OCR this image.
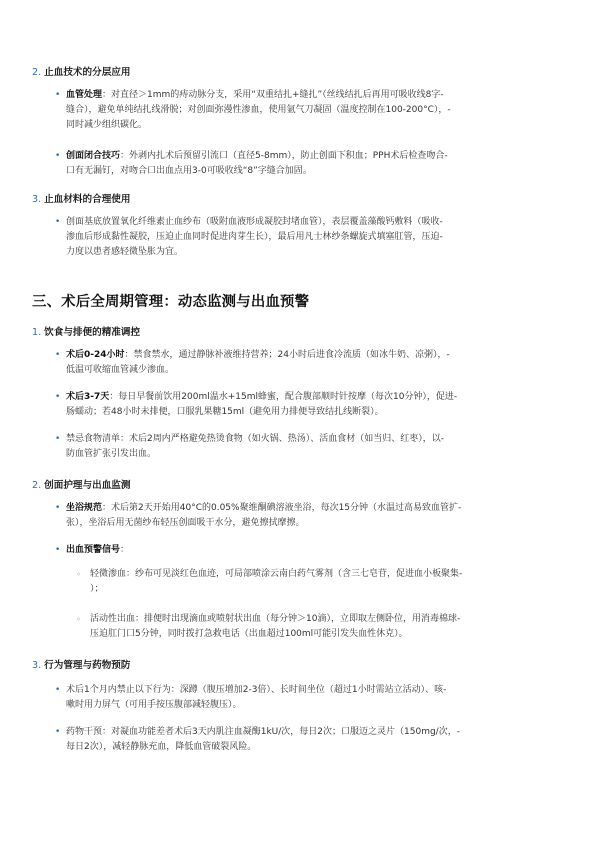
2. 止血技术的分层应用

• 血管处理：对直径＞1mm的痔动脉分支，采用“双重结扎+缝扎”（丝线结扎后再用可吸收线8字-
缝合），避免单纯结扎线滑脱；对创面弥漫性渗血，使用氩气刀凝固（温度控制在100-200°C），-
同时减少组织碳化。
• 创面闭合技巧：外剥内扎术后预留引流口（直径5-8mm），防止创面下积血；PPH术后检查吻合-
口有无漏钉，对吻合口出血点用3-0可吸收线“8”字缝合加固。

3. 止血材料的合理使用

• 创面基底放置氧化纤维素止血纱布（吸附血液形成凝胶封堵血管），表层覆盖藻酸钙敷料（吸收-
渗血后形成黏性凝胶，压迫止血同时促进肉芽生长），最后用凡士林纱条螺旋式填塞肛管，压迫-
力度以患者感轻微坠胀为宜。

三、术后全周期管理：动态监测与出血预警

1. 饮食与排便的精准调控

• 术后0-24小时：禁食禁水，通过静脉补液维持营养；24小时后进食冷流质（如冰牛奶、凉粥），-
低温可收缩血管减少渗血。
• 术后3-7天：每日早餐前饮用200ml温水+15ml蜂蜜，配合腹部顺时针按摩（每次10分钟），促进-
肠蠕动；若48小时未排便，口服乳果糖15ml（避免用力排便导致结扎线断裂）。
• 禁忌食物清单：术后2周内严格避免热烫食物（如火锅、热汤）、活血食材（如当归、红枣），以-
防血管扩张引发出血。

2. 创面护理与出血监测

• 坐浴规范：术后第2天开始用40°C的0.05%聚维酮碘溶液坐浴，每次15分钟（水温过高易致血管扩-
张），坐浴后用无菌纱布轻压创面吸干水分，避免擦拭摩擦。
• 出血预警信号：
◦ 轻微渗血：纱布可见淡红色血迹，可局部喷涂云南白药气雾剂（含三七皂苷，促进血小板聚集-
）；
◦ 活动性出血：排便时出现滴血或喷射状出血（每分钟＞10滴），立即取左侧卧位，用消毒棉球-
压迫肛门口5分钟，同时拨打急救电话（出血超过100ml可能引发失血性休克）。

3. 行为管理与药物预防

• 术后1个月内禁止以下行为：深蹲（腹压增加2-3倍）、长时间坐位（超过1小时需站立活动）、咳-
嗽时用力屏气（可用手按压腹部减轻腹压）。
• 药物干预：对凝血功能差者术后3天内肌注血凝酶1kU/次，每日2次；口服迈之灵片（150mg/次，-
每日2次），减轻静脉充血，降低血管破裂风险。
